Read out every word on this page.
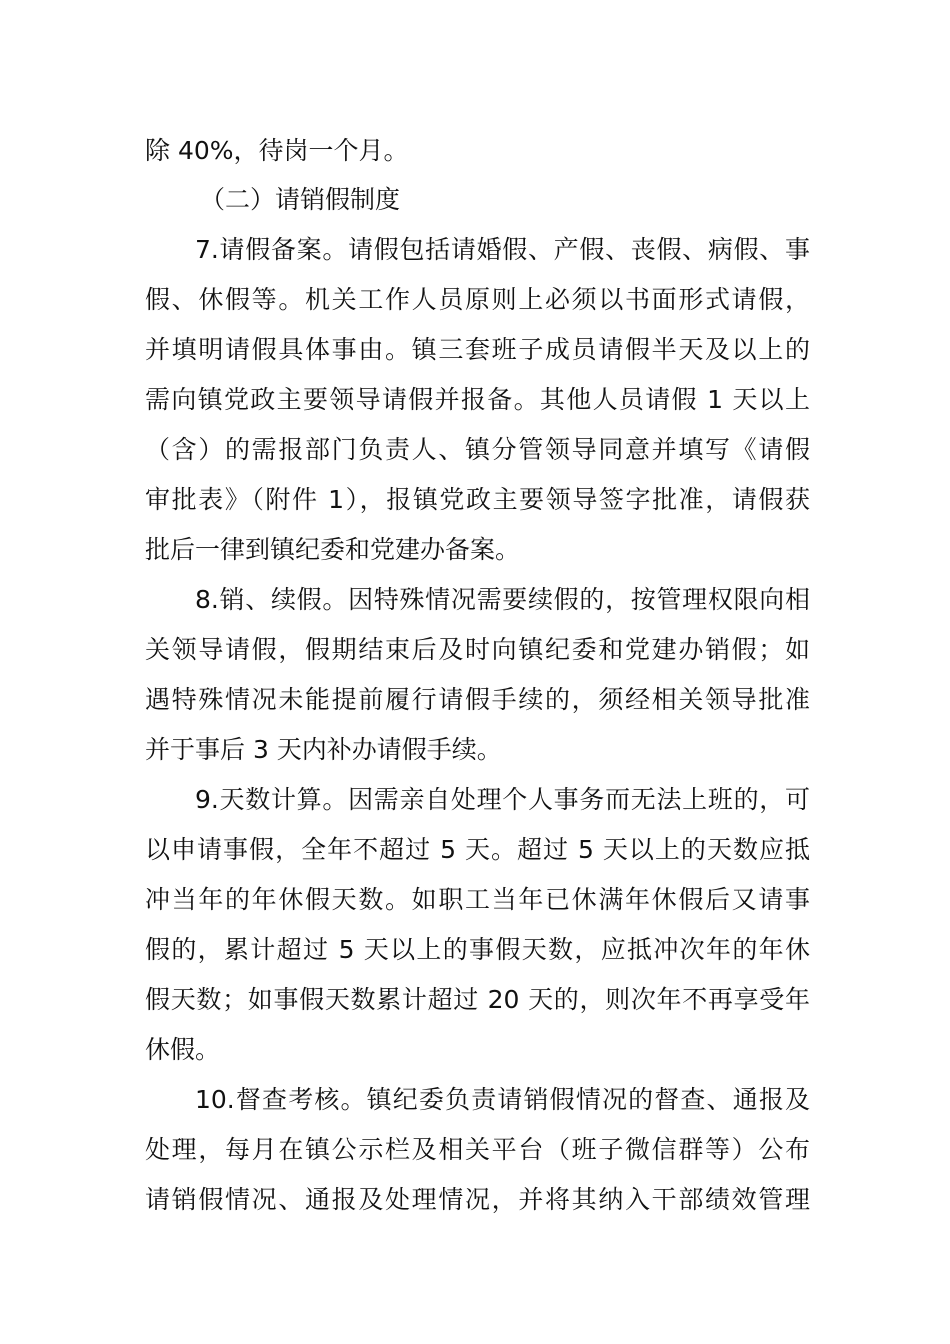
除 40%，待岗一个月。
（二）请销假制度
7.请假备案。请假包括请婚假、产假、丧假、病假、事
假、休假等。机关工作人员原则上必须以书面形式请假，
并填明请假具体事由。镇三套班子成员请假半天及以上的
需向镇党政主要领导请假并报备。其他人员请假 1 天以上
（含）的需报部门负责人、镇分管领导同意并填写《请假
审批表》（附件 1），报镇党政主要领导签字批准，请假获
批后一律到镇纪委和党建办备案。
8.销、续假。因特殊情况需要续假的，按管理权限向相
关领导请假，假期结束后及时向镇纪委和党建办销假；如
遇特殊情况未能提前履行请假手续的，须经相关领导批准
并于事后 3 天内补办请假手续。
9.天数计算。因需亲自处理个人事务而无法上班的，可
以申请事假，全年不超过 5 天。超过 5 天以上的天数应抵
冲当年的年休假天数。如职工当年已休满年休假后又请事
假的，累计超过 5 天以上的事假天数，应抵冲次年的年休
假天数；如事假天数累计超过 20 天的，则次年不再享受年
休假。
10.督查考核。镇纪委负责请销假情况的督查、通报及
处理，每月在镇公示栏及相关平台（班子微信群等）公布
请销假情况、通报及处理情况，并将其纳入干部绩效管理
